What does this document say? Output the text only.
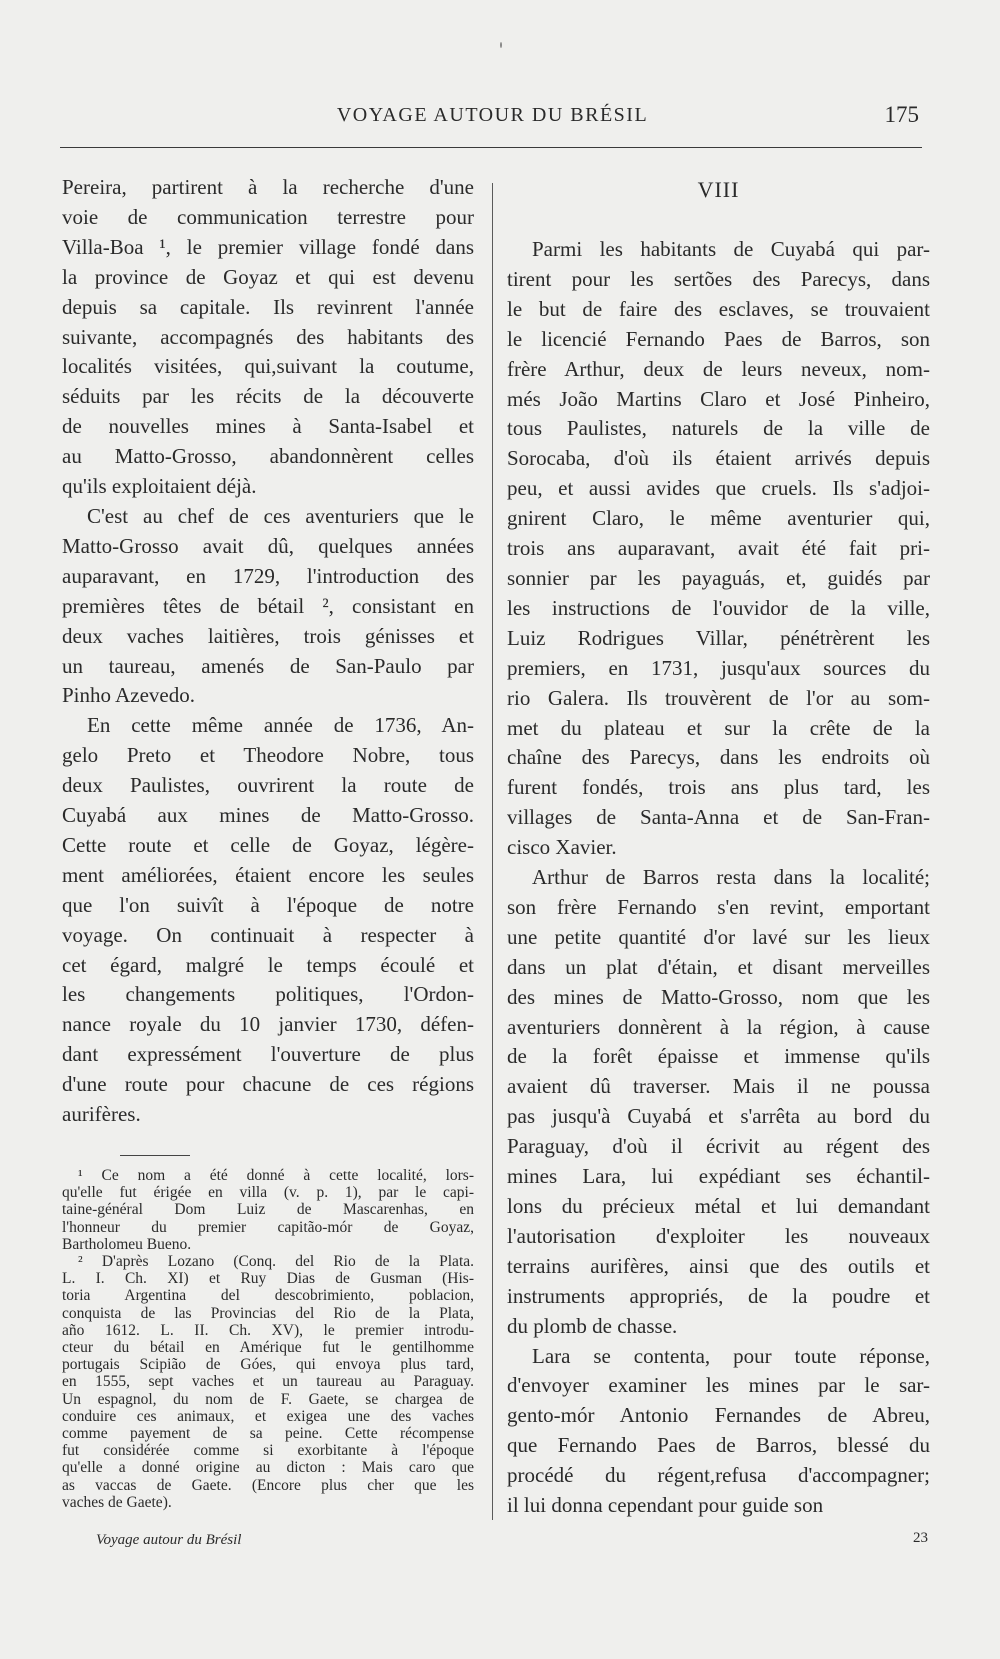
VOYAGE AUTOUR DU BRÉSIL	175
Pereira, partirent à la recherche d'une
voie de communication terrestre pour
Villa-Boa ¹, le premier village fondé dans
la province de Goyaz et qui est devenu
depuis sa capitale. Ils revinrent l'année
suivante, accompagnés des habitants des
localités visitées, qui,suivant la coutume,
séduits par les récits de la découverte
de nouvelles mines à Santa-Isabel et
au Matto-Grosso, abandonnèrent celles
qu'ils exploitaient déjà.
C'est au chef de ces aventuriers que le
Matto-Grosso avait dû, quelques années
auparavant, en 1729, l'introduction des
premières têtes de bétail ², consistant en
deux vaches laitières, trois génisses et
un taureau, amenés de San-Paulo par
Pinho Azevedo.
En cette même année de 1736, An-
gelo Preto et Theodore Nobre, tous
deux Paulistes, ouvrirent la route de
Cuyabá aux mines de Matto-Grosso.
Cette route et celle de Goyaz, légère-
ment améliorées, étaient encore les seules
que l'on suivît à l'époque de notre
voyage. On continuait à respecter à
cet égard, malgré le temps écoulé et
les changements politiques, l'Ordon-
nance royale du 10 janvier 1730, défen-
dant expressément l'ouverture de plus
d'une route pour chacune de ces régions
aurifères.
VIII
Parmi les habitants de Cuyabá qui par-
tirent pour les sertões des Parecys, dans
le but de faire des esclaves, se trouvaient
le licencié Fernando Paes de Barros, son
frère Arthur, deux de leurs neveux, nom-
més João Martins Claro et José Pinheiro,
tous Paulistes, naturels de la ville de
Sorocaba, d'où ils étaient arrivés depuis
peu, et aussi avides que cruels. Ils s'adjoi-
gnirent Claro, le même aventurier qui,
trois ans auparavant, avait été fait pri-
sonnier par les payaguás, et, guidés par
les instructions de l'ouvidor de la ville,
Luiz Rodrigues Villar, pénétrèrent les
premiers, en 1731, jusqu'aux sources du
rio Galera. Ils trouvèrent de l'or au som-
met du plateau et sur la crête de la
chaîne des Parecys, dans les endroits où
furent fondés, trois ans plus tard, les
villages de Santa-Anna et de San-Fran-
cisco Xavier.
Arthur de Barros resta dans la localité;
son frère Fernando s'en revint, emportant
une petite quantité d'or lavé sur les lieux
dans un plat d'étain, et disant merveilles
des mines de Matto-Grosso, nom que les
aventuriers donnèrent à la région, à cause
de la forêt épaisse et immense qu'ils
avaient dû traverser. Mais il ne poussa
pas jusqu'à Cuyabá et s'arrêta au bord du
Paraguay, d'où il écrivit au régent des
mines Lara, lui expédiant ses échantil-
lons du précieux métal et lui demandant
l'autorisation d'exploiter les nouveaux
terrains aurifères, ainsi que des outils et
instruments appropriés, de la poudre et
du plomb de chasse.
Lara se contenta, pour toute réponse,
d'envoyer examiner les mines par le sar-
gento-mór Antonio Fernandes de Abreu,
que Fernando Paes de Barros, blessé du
procédé du régent,refusa d'accompagner;
il lui donna cependant pour guide son
¹ Ce nom a été donné à cette localité, lors-
qu'elle fut érigée en villa (v. p. 1), par le capi-
taine-général Dom Luiz de Mascarenhas, en
l'honneur du premier capitão-mór de Goyaz,
Bartholomeu Bueno.
² D'après Lozano (Conq. del Rio de la Plata.
L. I. Ch. XI) et Ruy Dias de Gusman (His-
toria Argentina del descobrimiento, poblacion,
conquista de las Provincias del Rio de la Plata,
año 1612. L. II. Ch. XV), le premier introdu-
cteur du bétail en Amérique fut le gentilhomme
portugais Scipião de Góes, qui envoya plus tard,
en 1555, sept vaches et un taureau au Paraguay.
Un espagnol, du nom de F. Gaete, se chargea de
conduire ces animaux, et exigea une des vaches
comme payement de sa peine. Cette récompense
fut considérée comme si exorbitante à l'époque
qu'elle a donné origine au dicton : Mais caro que
as vaccas de Gaete. (Encore plus cher que les
vaches de Gaete).
Voyage autour du Brésil	23
